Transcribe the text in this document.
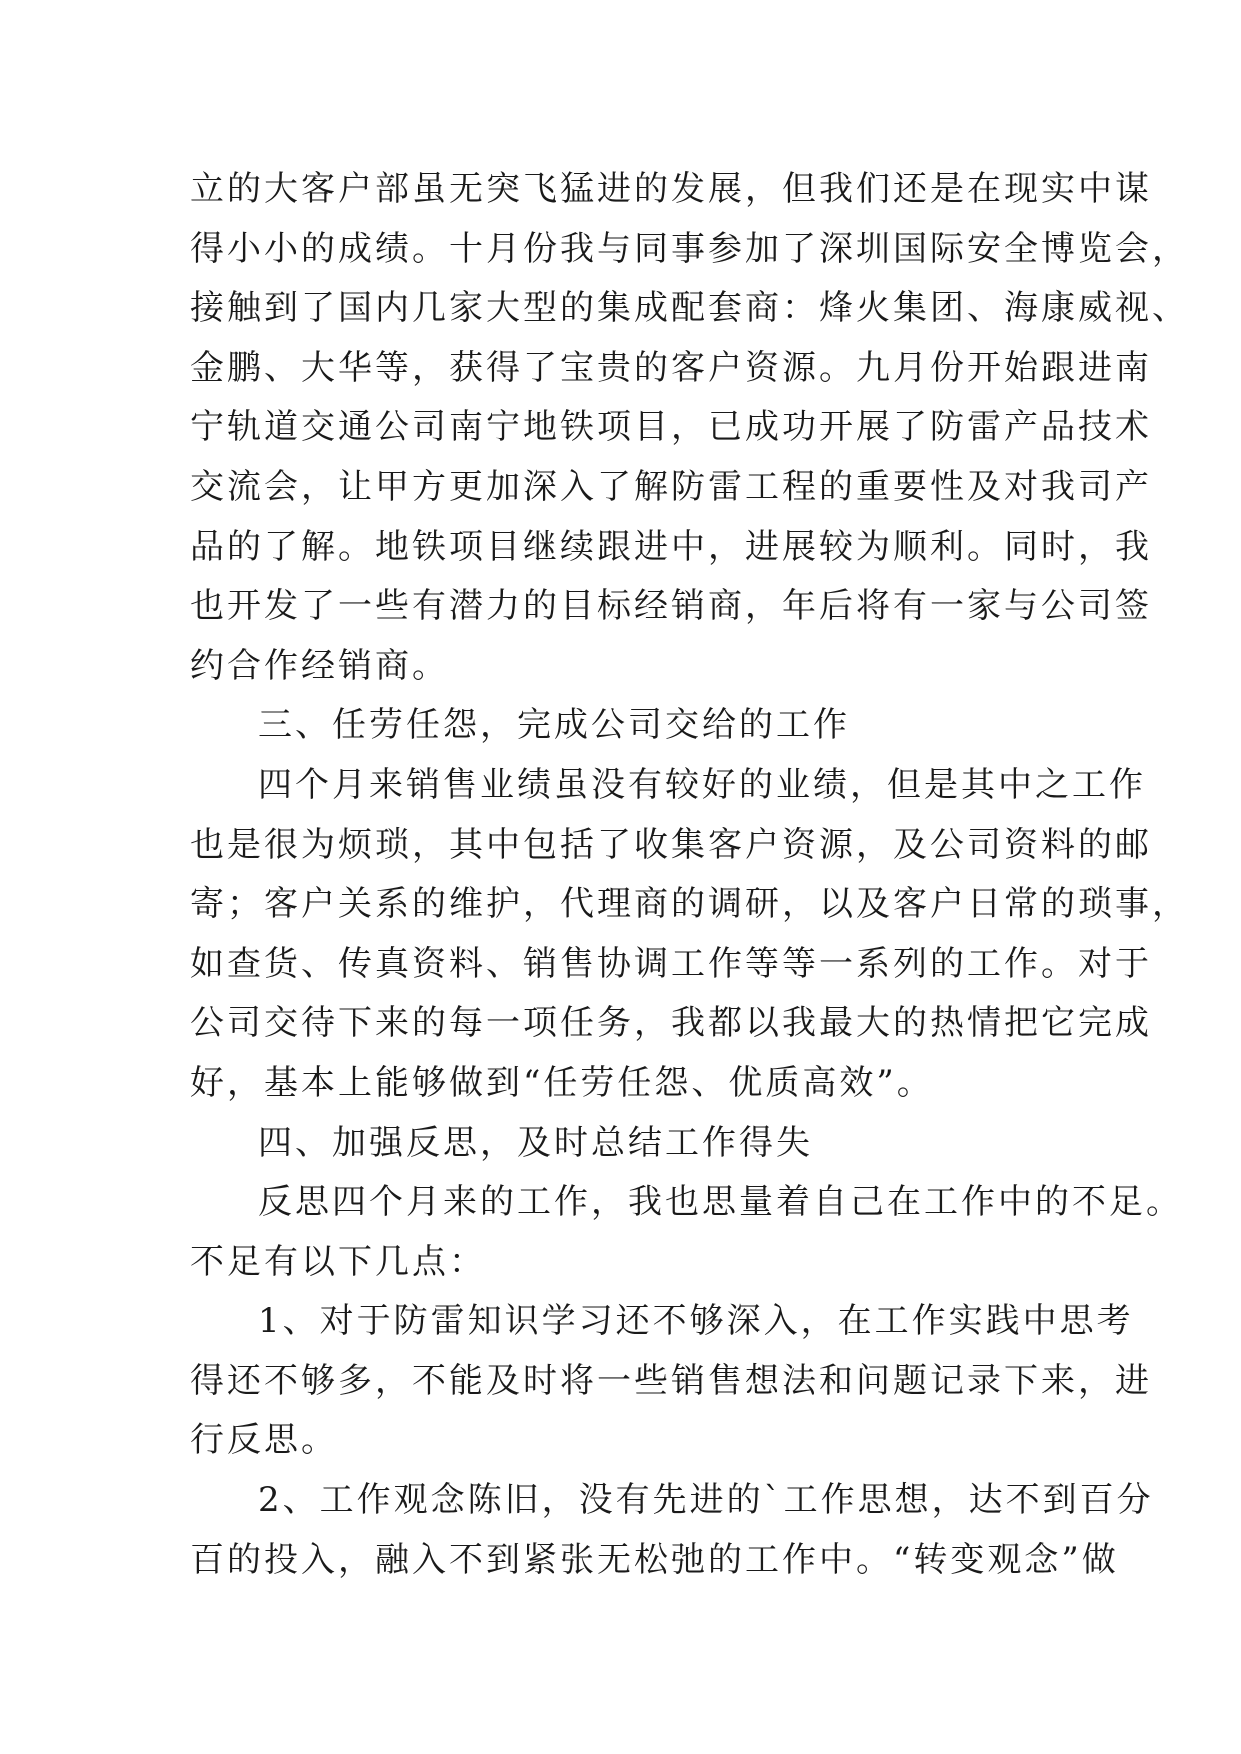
立的大客户部虽无突飞猛进的发展，但我们还是在现实中谋
得小小的成绩。十月份我与同事参加了深圳国际安全博览会，
接触到了国内几家大型的集成配套商：烽火集团、海康威视、
金鹏、大华等，获得了宝贵的客户资源。九月份开始跟进南
宁轨道交通公司南宁地铁项目，已成功开展了防雷产品技术
交流会，让甲方更加深入了解防雷工程的重要性及对我司产
品的了解。地铁项目继续跟进中，进展较为顺利。同时，我
也开发了一些有潜力的目标经销商，年后将有一家与公司签
约合作经销商。
三、任劳任怨，完成公司交给的工作
四个月来销售业绩虽没有较好的业绩，但是其中之工作
也是很为烦琐，其中包括了收集客户资源，及公司资料的邮
寄；客户关系的维护，代理商的调研，以及客户日常的琐事，
如查货、传真资料、销售协调工作等等一系列的工作。对于
公司交待下来的每一项任务，我都以我最大的热情把它完成
好，基本上能够做到“任劳任怨、优质高效”。
四、加强反思，及时总结工作得失
反思四个月来的工作，我也思量着自己在工作中的不足。
不足有以下几点：
1、对于防雷知识学习还不够深入，在工作实践中思考
得还不够多，不能及时将一些销售想法和问题记录下来，进
行反思。
2、工作观念陈旧，没有先进的`工作思想，达不到百分
百的投入，融入不到紧张无松弛的工作中。“转变观念”做
